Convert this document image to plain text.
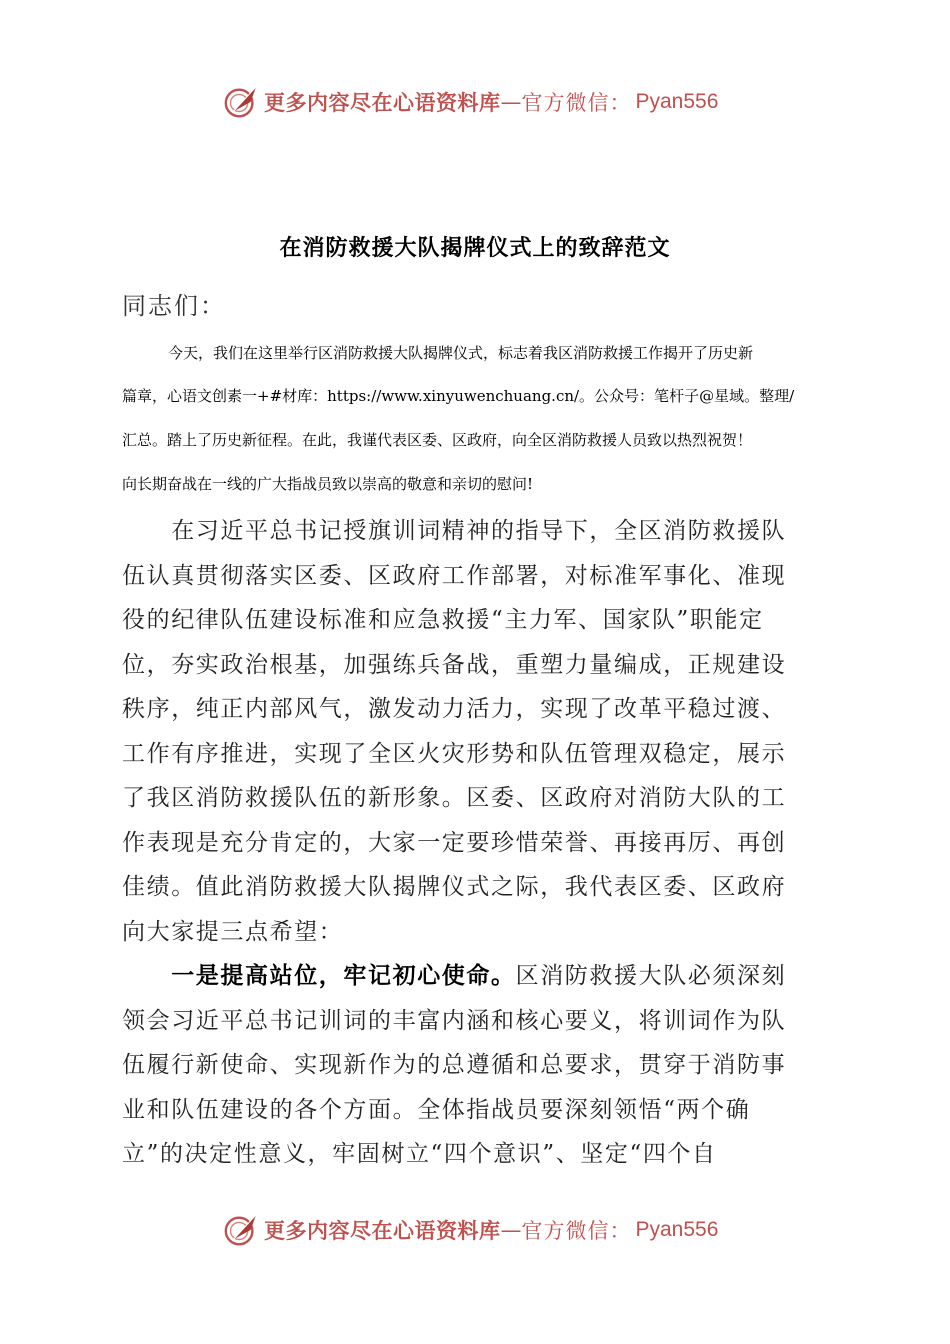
更多内容尽在心语资料库 — 官方微信： Pyan556
在消防救援大队揭牌仪式上的致辞范文
同志们：
今天，我们在这里举行区消防救援大队揭牌仪式，标志着我区消防救援工作揭开了历史新
篇章，心语文创素一+#材库：https://www.xinyuwenchuang.cn/。公众号：笔杆子@星域。整理/
汇总。踏上了历史新征程。在此，我谨代表区委、区政府，向全区消防救援人员致以热烈祝贺！
向长期奋战在一线的广大指战员致以崇高的敬意和亲切的慰问!
　　在习近平总书记授旗训词精神的指导下，全区消防救援队
伍认真贯彻落实区委、区政府工作部署，对标准军事化、准现
役的纪律队伍建设标准和应急救援“主力军、国家队”职能定
位，夯实政治根基，加强练兵备战，重塑力量编成，正规建设
秩序，纯正内部风气，激发动力活力，实现了改革平稳过渡、
工作有序推进，实现了全区火灾形势和队伍管理双稳定，展示
了我区消防救援队伍的新形象。区委、区政府对消防大队的工
作表现是充分肯定的，大家一定要珍惜荣誉、再接再厉、再创
佳绩。值此消防救援大队揭牌仪式之际，我代表区委、区政府
向大家提三点希望：
　　一是提高站位，牢记初心使命。区消防救援大队必须深刻
领会习近平总书记训词的丰富内涵和核心要义，将训词作为队
伍履行新使命、实现新作为的总遵循和总要求，贯穿于消防事
业和队伍建设的各个方面。全体指战员要深刻领悟“两个确
立”的决定性意义，牢固树立“四个意识”、坚定“四个自
更多内容尽在心语资料库 — 官方微信： Pyan556
